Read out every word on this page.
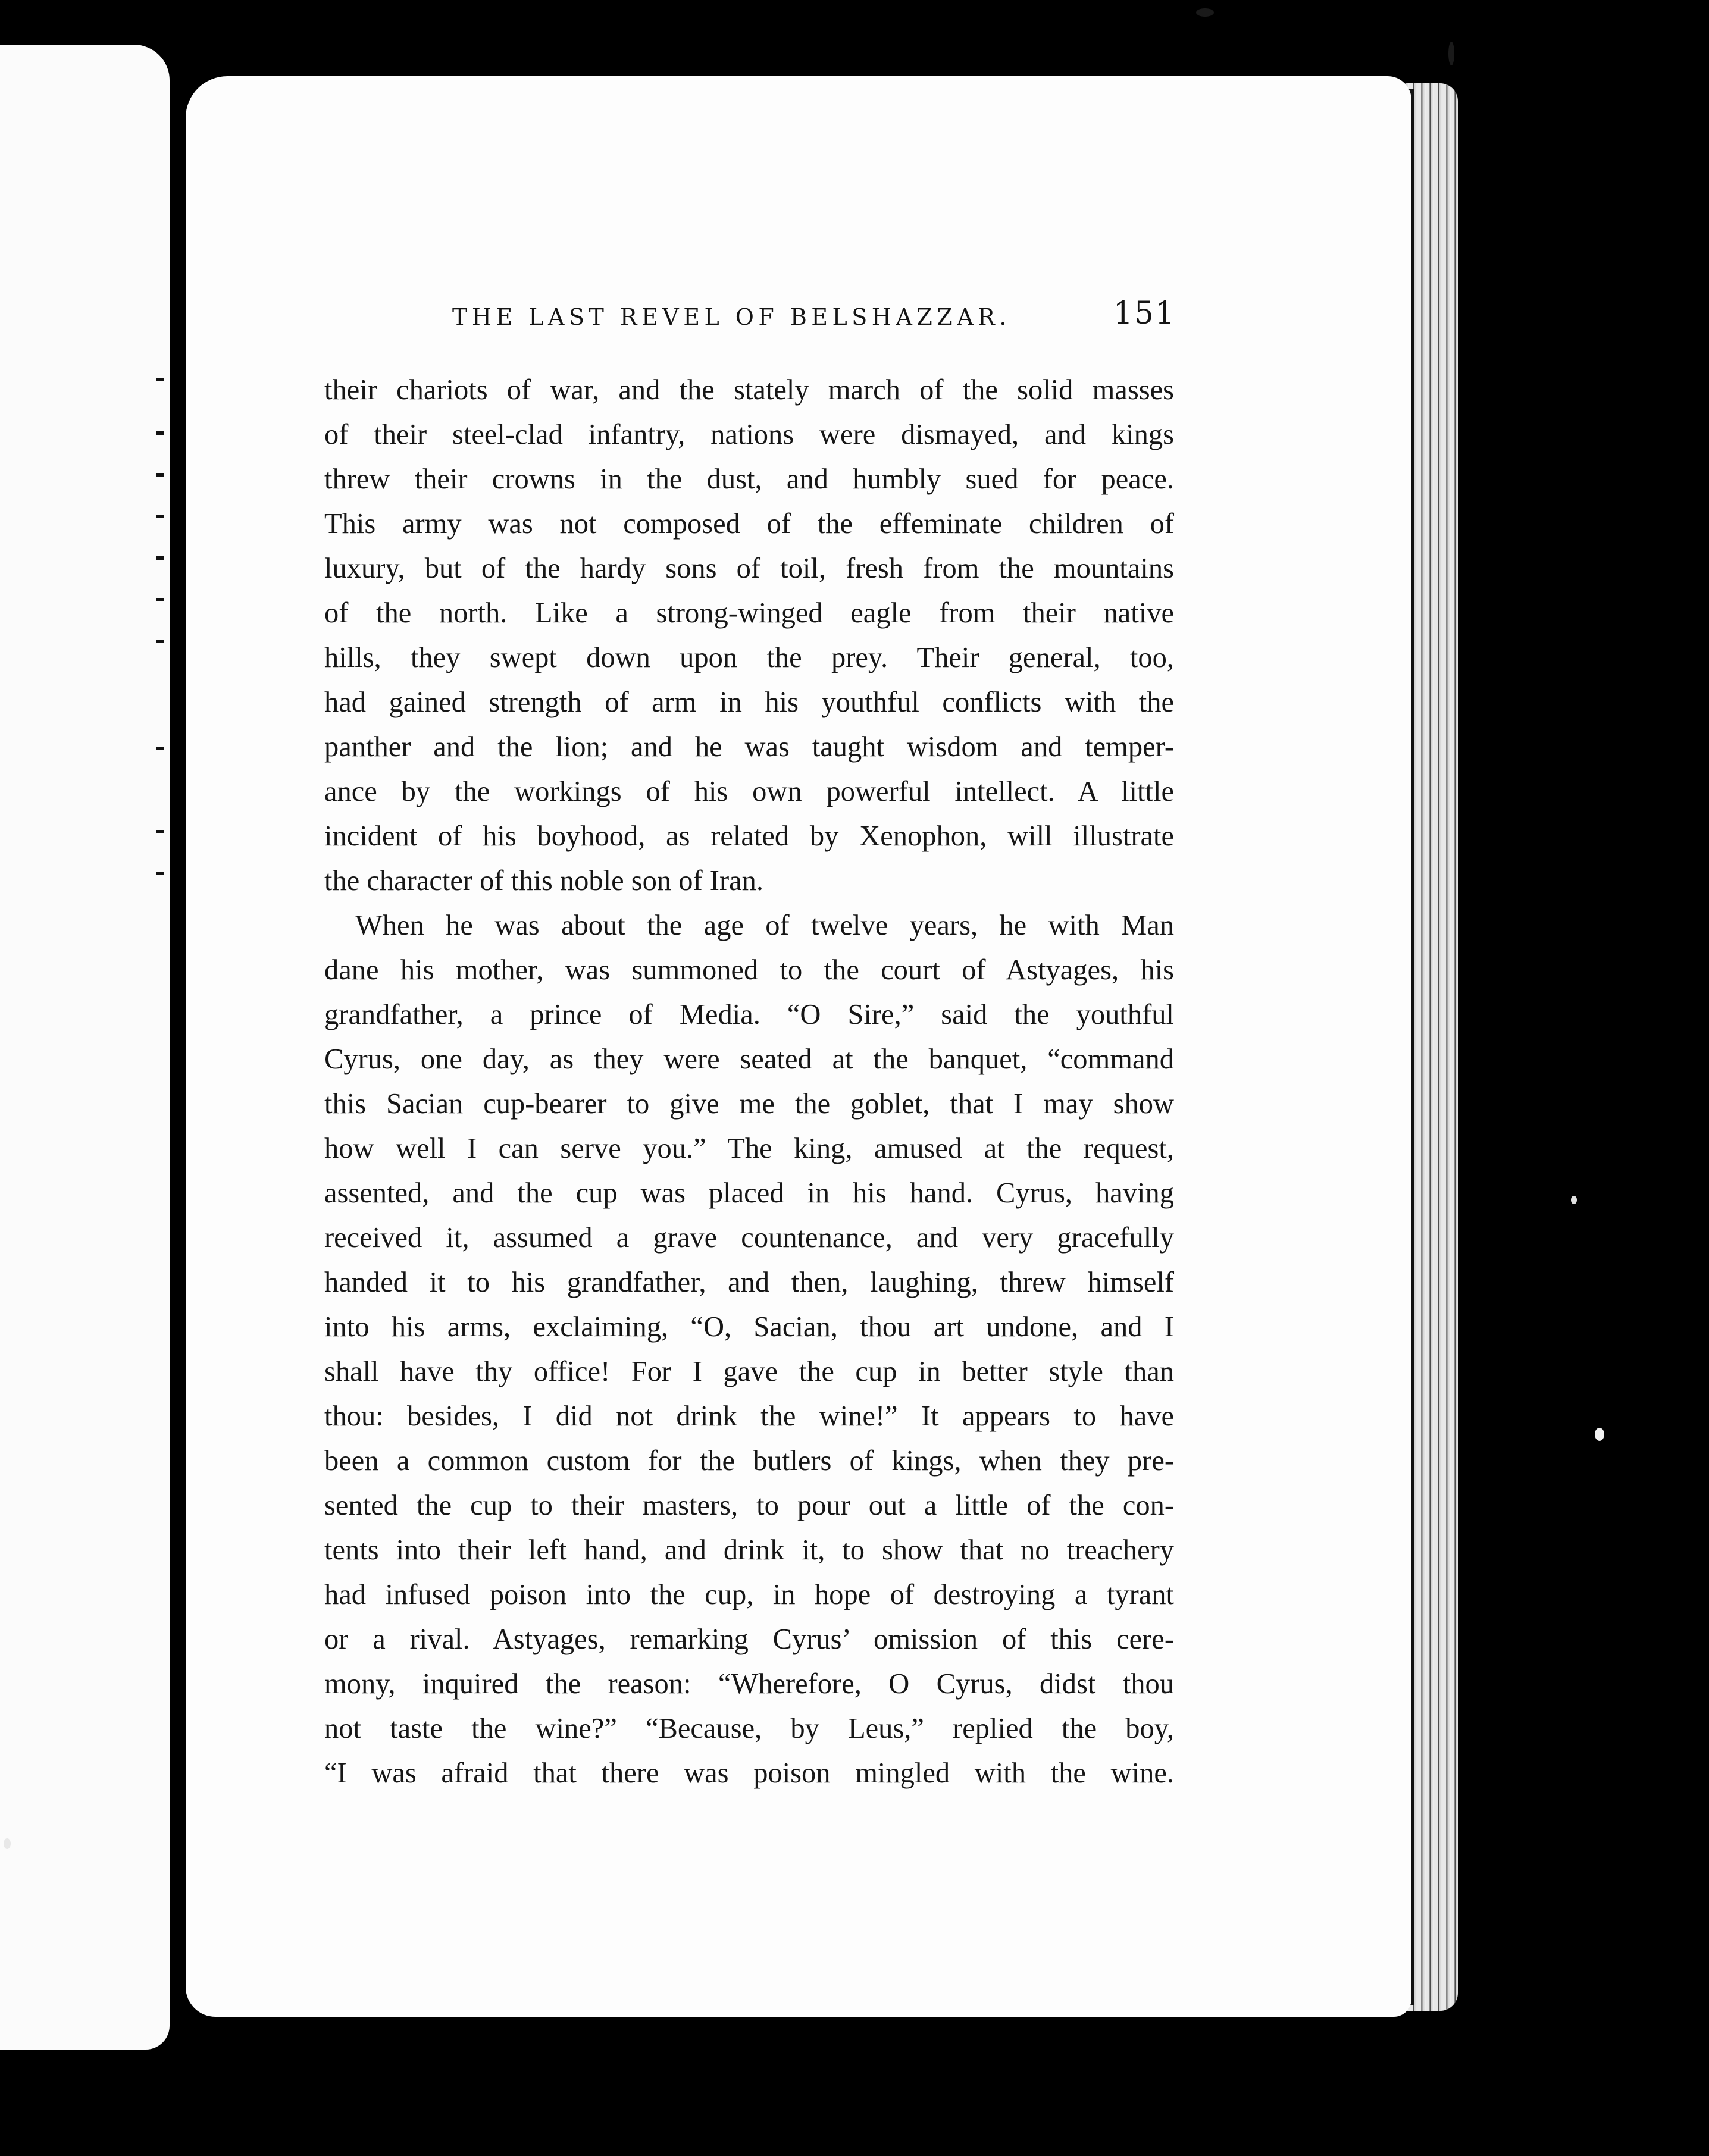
THE LAST REVEL OF BELSHAZZAR.	151

their chariots of war, and the stately march of the solid masses
of their steel-clad infantry, nations were dismayed, and kings
threw their crowns in the dust, and humbly sued for peace.
This army was not composed of the effeminate children of
luxury, but of the hardy sons of toil, fresh from the mountains
of the north. Like a strong-winged eagle from their native
hills, they swept down upon the prey. Their general, too,
had gained strength of arm in his youthful conflicts with the
panther and the lion; and he was taught wisdom and temper-
ance by the workings of his own powerful intellect. A little
incident of his boyhood, as related by Xenophon, will illustrate
the character of this noble son of Iran.

When he was about the age of twelve years, he with Man
dane his mother, was summoned to the court of Astyages, his
grandfather, a prince of Media. “O Sire,” said the youthful
Cyrus, one day, as they were seated at the banquet, “command
this Sacian cup-bearer to give me the goblet, that I may show
how well I can serve you.” The king, amused at the request,
assented, and the cup was placed in his hand. Cyrus, having
received it, assumed a grave countenance, and very gracefully
handed it to his grandfather, and then, laughing, threw himself
into his arms, exclaiming, “O, Sacian, thou art undone, and I
shall have thy office! For I gave the cup in better style than
thou: besides, I did not drink the wine!” It appears to have
been a common custom for the butlers of kings, when they pre-
sented the cup to their masters, to pour out a little of the con-
tents into their left hand, and drink it, to show that no treachery
had infused poison into the cup, in hope of destroying a tyrant
or a rival. Astyages, remarking Cyrus’ omission of this cere-
mony, inquired the reason: “Wherefore, O Cyrus, didst thou
not taste the wine?” “Because, by Leus,” replied the boy,
“I was afraid that there was poison mingled with the wine.
